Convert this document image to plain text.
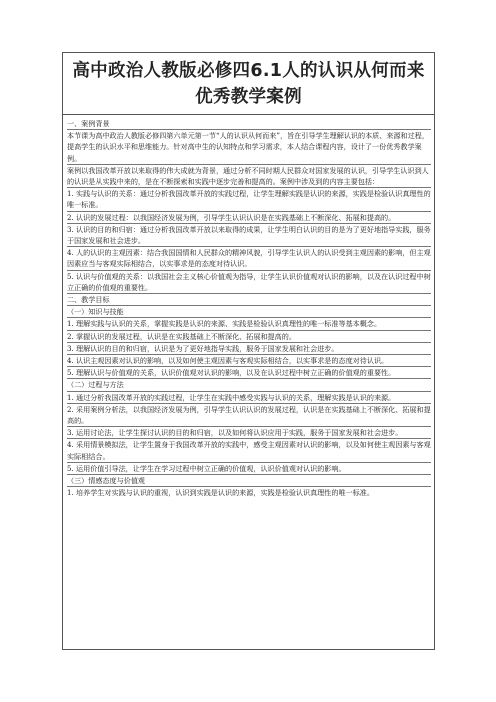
高中政治人教版必修四6.1人的认识从何而来优秀教学案例
一、案例背景
本节课为高中政治人教版必修四第六单元第一节“人的认识从何而来”，旨在引导学生理解认识的本质、来源和过程，提高学生的认识水平和思维能力。针对高中生的认知特点和学习需求，本人结合课程内容，设计了一份优秀教学案例。
案例以我国改革开放以来取得的伟大成就为背景，通过分析不同时期人民群众对国家发展的认识，引导学生认识到人的认识是从实践中来的，是在不断探索和实践中逐步完善和提高的。案例中涉及到的内容主要包括：
1. 实践与认识的关系：通过分析我国改革开放的实践过程，让学生理解实践是认识的来源，实践是检验认识真理性的唯一标准。
2. 认识的发展过程：以我国经济发展为例，引导学生认识认识是在实践基础上不断深化、拓展和提高的。
3. 认识的目的和归宿：通过分析我国改革开放以来取得的成果，让学生明白认识的目的是为了更好地指导实践，服务于国家发展和社会进步。
4. 人的认识的主观因素：结合我国国情和人民群众的精神风貌，引导学生认识人的认识受到主观因素的影响，但主观因素应当与客观实际相结合，以实事求是的态度对待认识。
5. 认识与价值观的关系：以我国社会主义核心价值观为指导，让学生认识价值观对认识的影响，以及在认识过程中树立正确的价值观的重要性。
二、教学目标
（一）知识与技能
1. 理解实践与认识的关系，掌握实践是认识的来源、实践是检验认识真理性的唯一标准等基本概念。
2. 掌握认识的发展过程，认识是在实践基础上不断深化、拓展和提高的。
3. 理解认识的目的和归宿，认识是为了更好地指导实践，服务于国家发展和社会进步。
4. 认识主观因素对认识的影响，以及如何使主观因素与客观实际相结合，以实事求是的态度对待认识。
5. 理解认识与价值观的关系，认识价值观对认识的影响，以及在认识过程中树立正确的价值观的重要性。
（二）过程与方法
1. 通过分析我国改革开放的实践过程，让学生在实践中感受实践与认识的关系，理解实践是认识的来源。
2. 采用案例分析法，以我国经济发展为例，引导学生认识认识的发展过程，认识是在实践基础上不断深化、拓展和提高的。
3. 运用讨论法，让学生探讨认识的目的和归宿，以及如何将认识应用于实践，服务于国家发展和社会进步。
4. 采用情景模拟法，让学生置身于我国改革开放的实践中，感受主观因素对认识的影响，以及如何使主观因素与客观实际相结合。
5. 运用价值引导法，让学生在学习过程中树立正确的价值观，认识价值观对认识的影响。
（三）情感态度与价值观
1. 培养学生对实践与认识的重视，认识到实践是认识的来源，实践是检验认识真理性的唯一标准。
